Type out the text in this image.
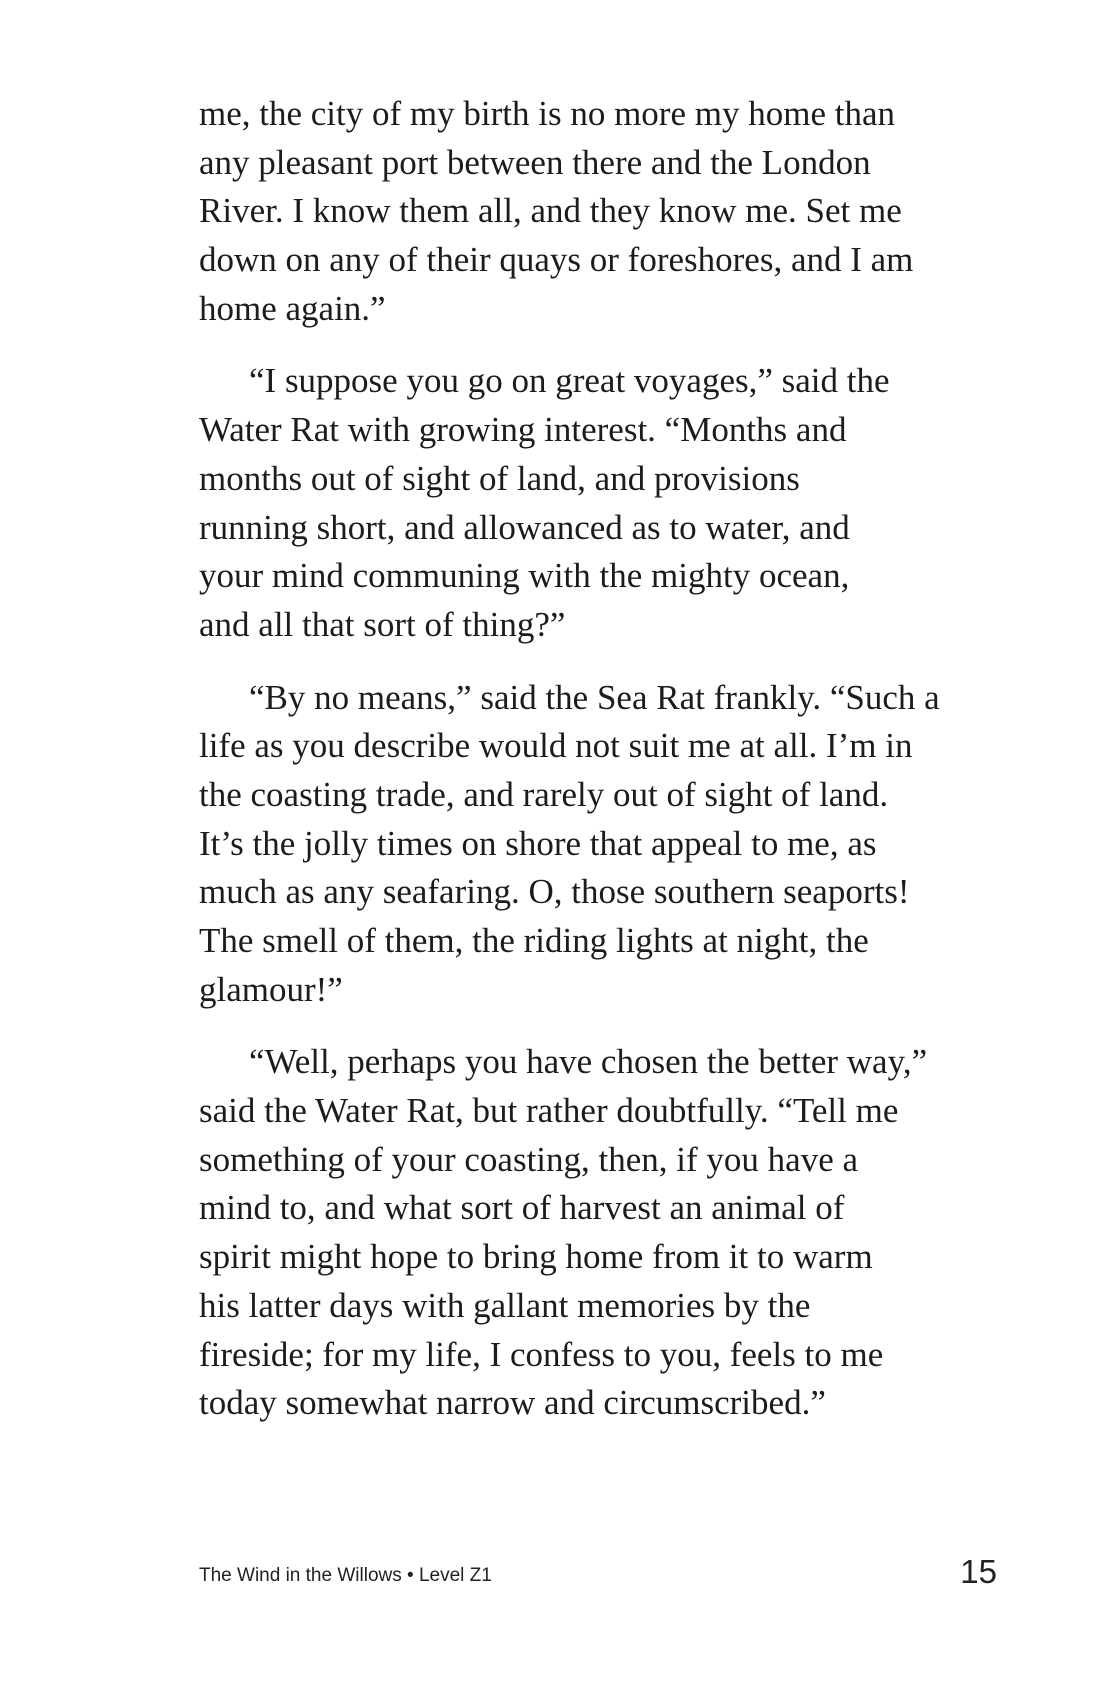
me, the city of my birth is no more my home than
any pleasant port between there and the London
River. I know them all, and they know me. Set me
down on any of their quays or foreshores, and I am
home again.”

“I suppose you go on great voyages,” said the
Water Rat with growing interest. “Months and
months out of sight of land, and provisions
running short, and allowanced as to water, and
your mind communing with the mighty ocean,
and all that sort of thing?”

“By no means,” said the Sea Rat frankly. “Such a
life as you describe would not suit me at all. I’m in
the coasting trade, and rarely out of sight of land.
It’s the jolly times on shore that appeal to me, as
much as any seafaring. O, those southern seaports!
The smell of them, the riding lights at night, the
glamour!”

“Well, perhaps you have chosen the better way,”
said the Water Rat, but rather doubtfully. “Tell me
something of your coasting, then, if you have a
mind to, and what sort of harvest an animal of
spirit might hope to bring home from it to warm
his latter days with gallant memories by the
fireside; for my life, I confess to you, feels to me
today somewhat narrow and circumscribed.”

The Wind in the Willows • Level Z1	15
